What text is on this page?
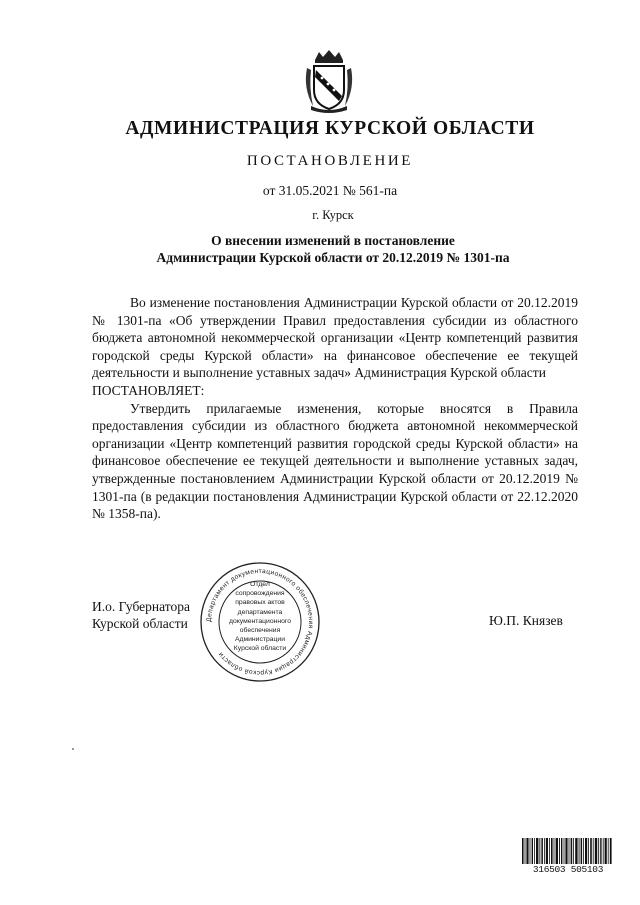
АДМИНИСТРАЦИЯ КУРСКОЙ ОБЛАСТИ
ПОСТАНОВЛЕНИЕ
от 31.05.2021 № 561-па
г. Курск
О внесении изменений в постановление
Администрации Курской области от 20.12.2019 № 1301-па

Во изменение постановления Администрации Курской области от 20.12.2019 № 1301-па «Об утверждении Правил предоставления субсидии из областного бюджета автономной некоммерческой организации «Центр компетенций развития городской среды Курской области» на финансовое обеспечение ее текущей деятельности и выполнение уставных задач» Администрация Курской области

ПОСТАНОВЛЯЕТ:

Утвердить прилагаемые изменения, которые вносятся в Правила предоставления субсидии из областного бюджета автономной некоммерческой организации «Центр компетенций развития городской среды Курской области» на финансовое обеспечение ее текущей деятельности и выполнение уставных задач, утвержденные постановлением Администрации Курской области от 20.12.2019 № 1301-па (в редакции постановления Администрации Курской области от 22.12.2020 № 1358-па).

И.о. Губернатора
Курской области	Департамент документационного обеспечения Администрации Курской области
Отдел
сопровождения
правовых актов
департамента
документационного
обеспечения
Администрации
Курской области
Ю.П. Князев
316503 505103
